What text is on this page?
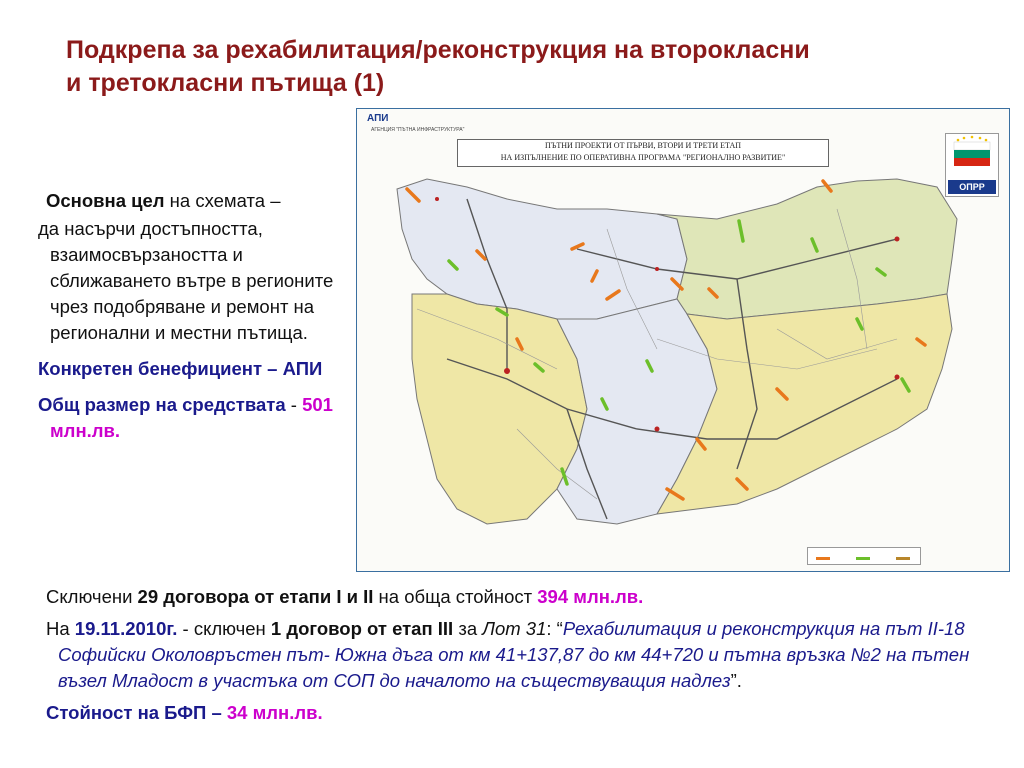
Подкрепа за рехабилитация/реконструкция на второкласни и третокласни пътища (1)

Основна цел на схемата –

да насърчи достъпността, взаимосвързаността и сближаването вътре в регионите чрез подобряване и ремонт на регионални и местни пътища.

Конкретен бенефициент – АПИ

Общ размер на средствата - 501 млн.лв.

АПИ
АГЕНЦИЯ "ПЪТНА ИНФРАСТРУКТУРА"
ПЪТНИ ПРОЕКТИ ОТ ПЪРВИ, ВТОРИ И ТРЕТИ ЕТАП
НА ИЗПЪЛНЕНИЕ ПО ОПЕРАТИВНА ПРОГРАМА "РЕГИОНАЛНО РАЗВИТИЕ"
ОПРР

Сключени 29 договора от етапи I и II на обща стойност 394 млн.лв.

На 19.11.2010г. - сключен 1 договор от етап III за Лот 31: “Рехабилитация и реконструкция на път II-18 Софийски Околовръстен път- Южна дъга от км 41+137,87 до км 44+720 и пътна връзка №2 на пътен възел Младост в участъка от СОП до началото на съществуващия надлез”.

Стойност на БФП – 34 млн.лв.
